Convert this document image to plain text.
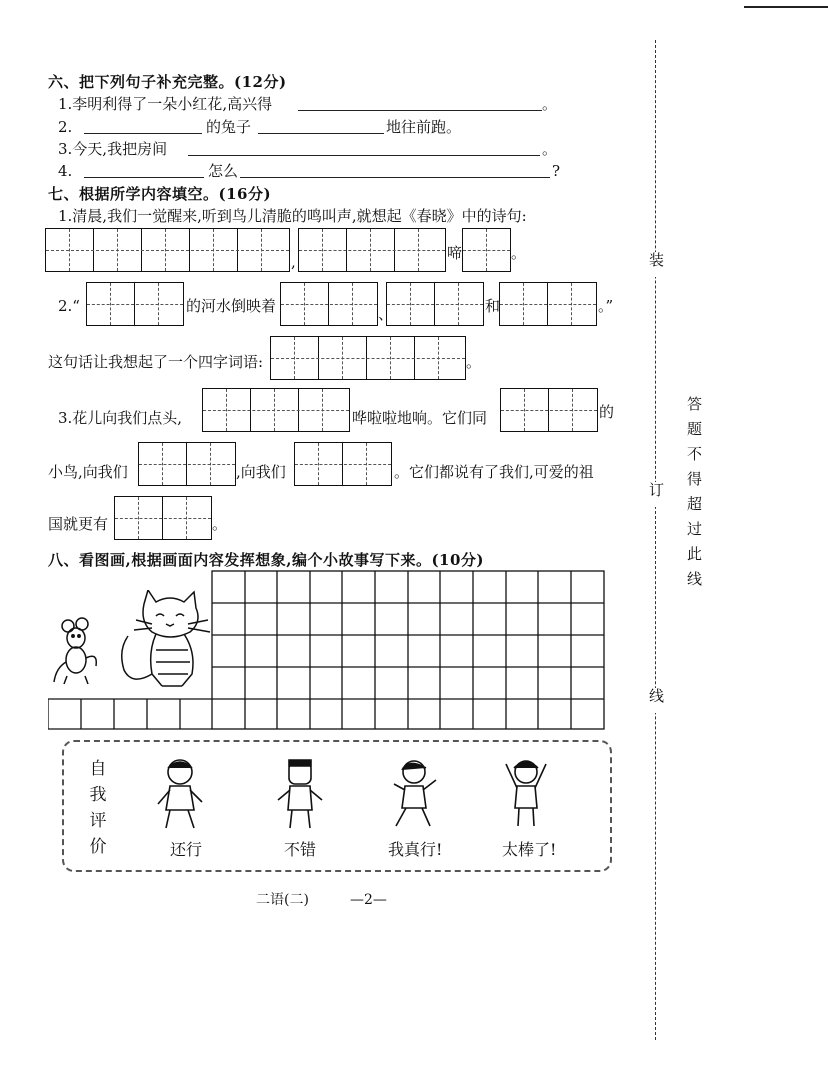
装
订
线
答题不得超过此线
六、把下列句子补充完整。(12分)
1.李明利得了一朵小红花,高兴得	。
2.	的兔子	地往前跑。
3.今天,我把房间	。
4.	怎么	?
七、根据所学内容填空。(16分)
1.清晨,我们一觉醒来,听到鸟儿清脆的鸣叫声,就想起《春晓》中的诗句:
,	啼	。
2.“	的河水倒映着	、	和	。”
这句话让我想起了一个四字词语:	。
3.花儿向我们点头,	哗啦啦地响。它们同	的
小鸟,向我们	,向我们	。它们都说有了我们,可爱的祖
国就更有	。
八、看图画,根据画面内容发挥想象,编个小故事写下来。(10分)
自
我
评
价	还行	不错	我真行!	太棒了!
二语(二)	—2—
